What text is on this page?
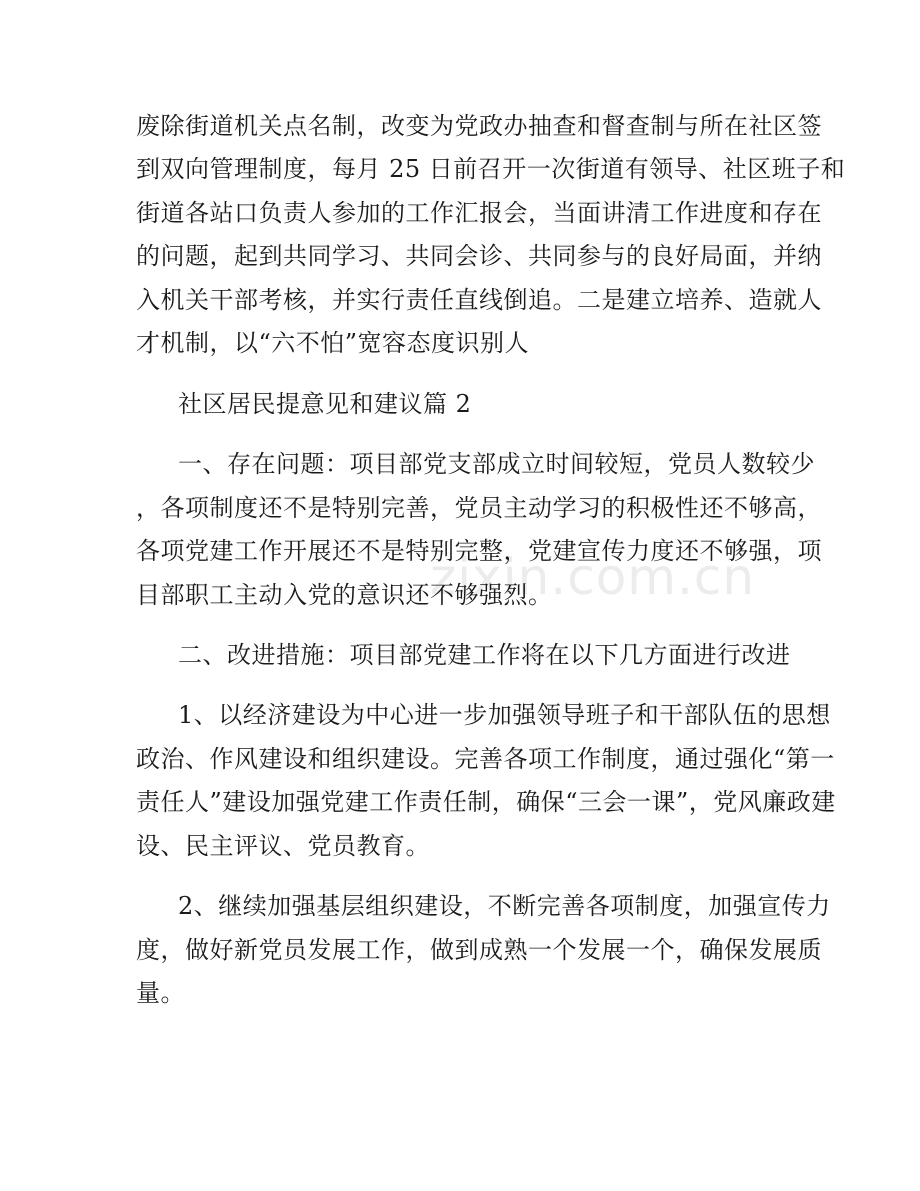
zixin.com.cn
废除街道机关点名制，改变为党政办抽查和督查制与所在社区签
到双向管理制度，每月 25 日前召开一次街道有领导、社区班子和
街道各站口负责人参加的工作汇报会，当面讲清工作进度和存在
的问题，起到共同学习、共同会诊、共同参与的良好局面，并纳
入机关干部考核，并实行责任直线倒追。二是建立培养、造就人
才机制，以“六不怕”宽容态度识别人
社区居民提意见和建议篇 2
一、存在问题：项目部党支部成立时间较短，党员人数较少
，各项制度还不是特别完善，党员主动学习的积极性还不够高，
各项党建工作开展还不是特别完整，党建宣传力度还不够强，项
目部职工主动入党的意识还不够强烈。
二、改进措施：项目部党建工作将在以下几方面进行改进
1、以经济建设为中心进一步加强领导班子和干部队伍的思想
政治、作风建设和组织建设。完善各项工作制度，通过强化“第一
责任人”建设加强党建工作责任制，确保“三会一课”，党风廉政建
设、民主评议、党员教育。
2、继续加强基层组织建设，不断完善各项制度，加强宣传力
度，做好新党员发展工作，做到成熟一个发展一个，确保发展质
量。
